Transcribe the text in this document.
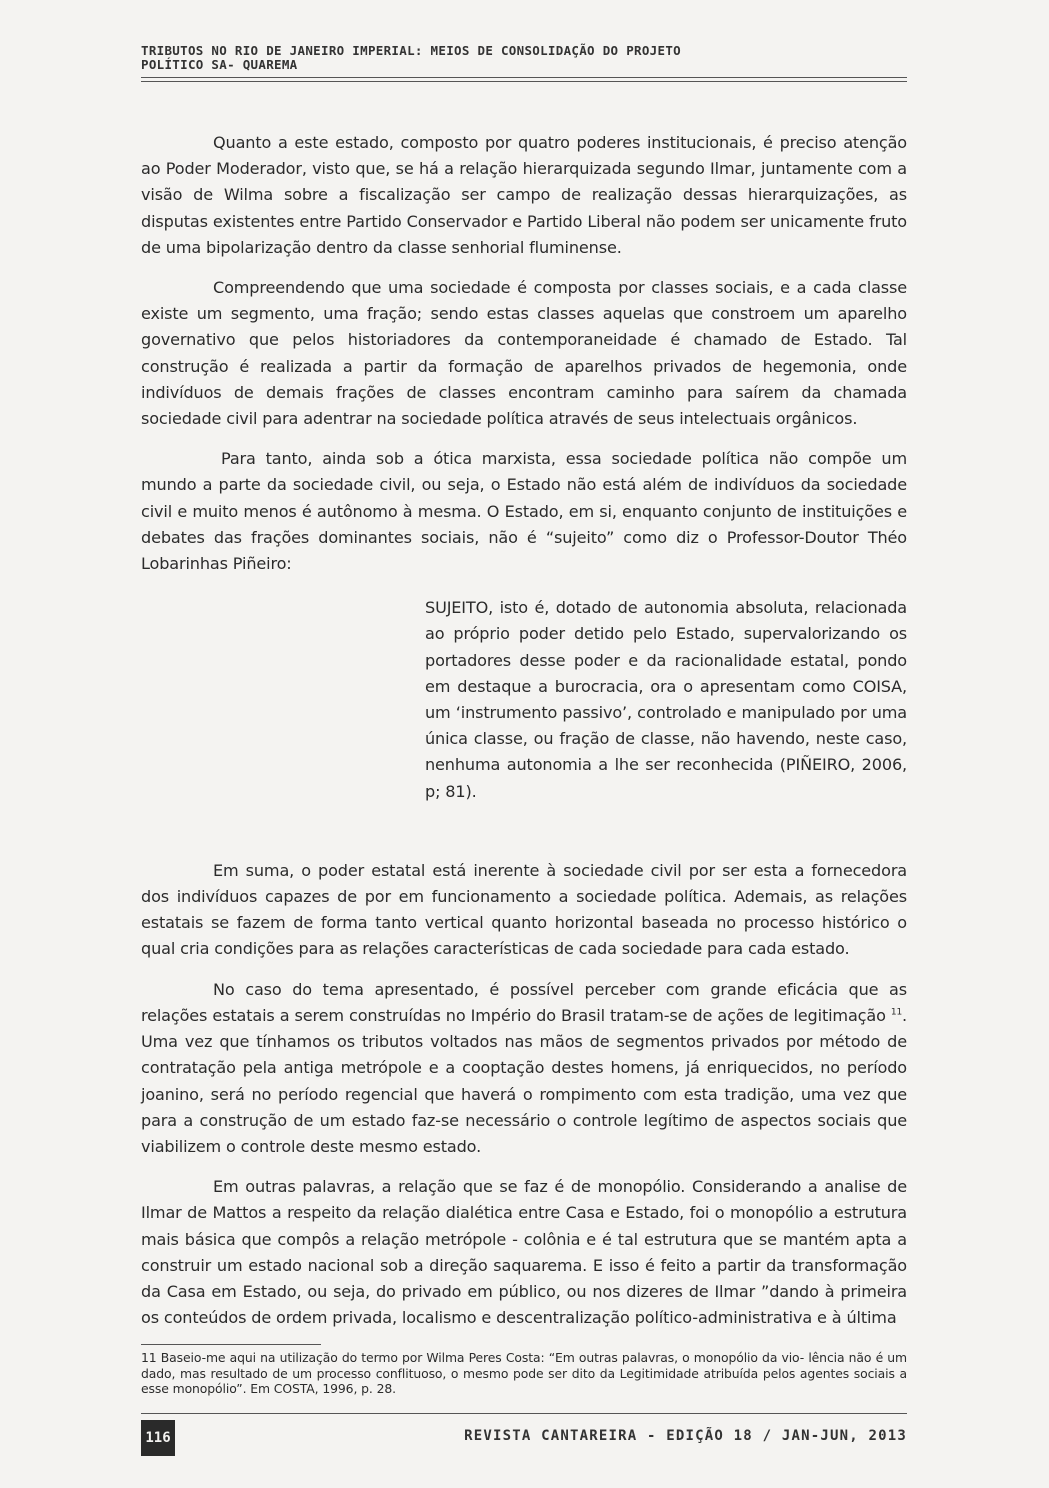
TRIBUTOS NO RIO DE JANEIRO IMPERIAL: MEIOS DE CONSOLIDAÇÃO DO PROJETO POLÍTICO SA- QUAREMA

Quanto a este estado, composto por quatro poderes institucionais, é preciso atenção ao Poder Moderador, visto que, se há a relação hierarquizada segundo Ilmar, juntamente com a visão de Wilma sobre a fiscalização ser campo de realização dessas hierarquizações, as disputas existentes entre Partido Conservador e Partido Liberal não podem ser unicamente fruto de uma bipolarização dentro da classe senhorial fluminense.

Compreendendo que uma sociedade é composta por classes sociais, e a cada classe existe um segmento, uma fração; sendo estas classes aquelas que constroem um aparelho governativo que pelos historiadores da contemporaneidade é chamado de Estado. Tal construção é realizada a partir da formação de aparelhos privados de hegemonia, onde indivíduos de demais frações de classes encontram caminho para saírem da chamada sociedade civil para adentrar na sociedade política através de seus intelectuais orgânicos.

Para tanto, ainda sob a ótica marxista, essa sociedade política não compõe um mundo a parte da sociedade civil, ou seja, o Estado não está além de indivíduos da sociedade civil e muito menos é autônomo à mesma. O Estado, em si, enquanto conjunto de instituições e debates das frações dominantes sociais, não é “sujeito” como diz o Professor-Doutor Théo Lobarinhas Piñeiro:

SUJEITO, isto é, dotado de autonomia absoluta, relacionada ao próprio poder detido pelo Estado, supervalorizando os portadores desse poder e da racionalidade estatal, pondo em destaque a burocracia, ora o apresentam como COISA, um ‘instrumento passivo’, controlado e manipulado por uma única classe, ou fração de classe, não havendo, neste caso, nenhuma autonomia a lhe ser reconhecida (PIÑEIRO, 2006, p; 81).

Em suma, o poder estatal está inerente à sociedade civil por ser esta a fornecedora dos indivíduos capazes de por em funcionamento a sociedade política. Ademais, as relações estatais se fazem de forma tanto vertical quanto horizontal baseada no processo histórico o qual cria condições para as relações características de cada sociedade para cada estado.

No caso do tema apresentado, é possível perceber com grande eficácia que as relações estatais a serem construídas no Império do Brasil tratam-se de ações de legitimação $^{11}$. Uma vez que tínhamos os tributos voltados nas mãos de segmentos privados por método de contratação pela antiga metrópole e a cooptação destes homens, já enriquecidos, no período joanino, será no período regencial que haverá o rompimento com esta tradição, uma vez que para a construção de um estado faz-se necessário o controle legítimo de aspectos sociais que viabilizem o controle deste mesmo estado.

Em outras palavras, a relação que se faz é de monopólio. Considerando a analise de Ilmar de Mattos a respeito da relação dialética entre Casa e Estado, foi o monopólio a estrutura mais básica que compôs a relação metrópole - colônia e é tal estrutura que se mantém apta a construir um estado nacional sob a direção saquarema. E isso é feito a partir da transformação da Casa em Estado, ou seja, do privado em público, ou nos dizeres de Ilmar ”dando à primeira os conteúdos de ordem privada, localismo e descentralização político-administrativa e à última

11 Baseio-me aqui na utilização do termo por Wilma Peres Costa: “Em outras palavras, o monopólio da vio- lência não é um dado, mas resultado de um processo conflituoso, o mesmo pode ser dito da Legitimidade atribuída pelos agentes sociais a esse monopólio”. Em COSTA, 1996, p. 28.
116	REVISTA CANTAREIRA - EDIÇÃO 18 / JAN-JUN, 2013
